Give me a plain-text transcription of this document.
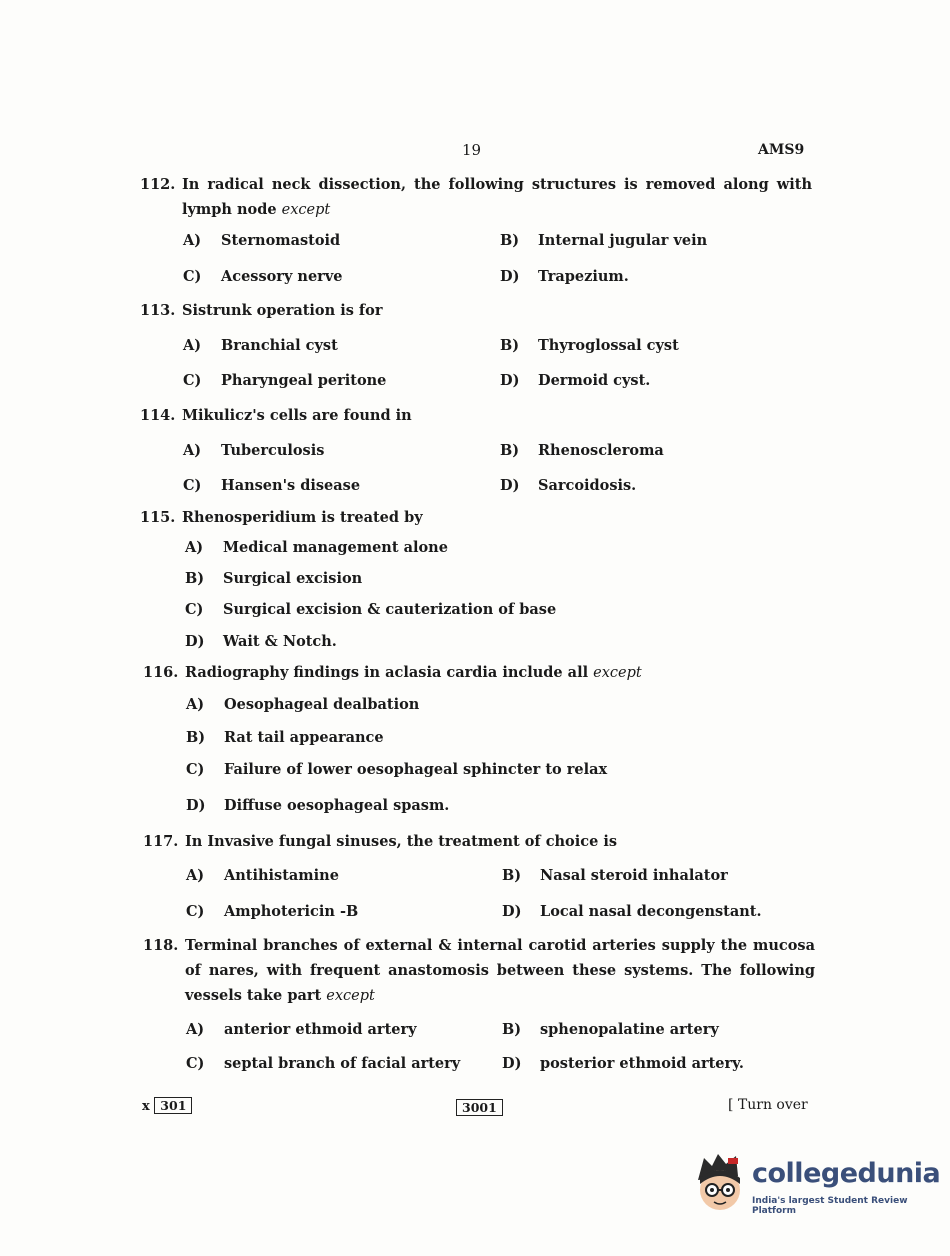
19	AMS9
112. In radical neck dissection, the following structures is removed along with lymph node except
A) Sternomastoid	B) Internal jugular vein
C) Acessory nerve	D) Trapezium.
113. Sistrunk operation is for
A) Branchial cyst	B) Thyroglossal cyst
C) Pharyngeal peritone	D) Dermoid cyst.
114. Mikulicz's cells are found in
A) Tuberculosis	B) Rhenoscleroma
C) Hansen's disease	D) Sarcoidosis.
115. Rhenosperidium is treated by
A) Medical management alone
B) Surgical excision
C) Surgical excision & cauterization of base
D) Wait & Notch.
116. Radiography findings in aclasia cardia include all except
A) Oesophageal dealbation
B) Rat tail appearance
C) Failure of lower oesophageal sphincter to relax
D) Diffuse oesophageal spasm.
117. In Invasive fungal sinuses, the treatment of choice is
A) Antihistamine	B) Nasal steroid inhalator
C) Amphotericin -B	D) Local nasal decongenstant.
118. Terminal branches of external & internal carotid arteries supply the mucosa of nares, with frequent anastomosis between these systems. The following vessels take part except
A) anterior ethmoid artery	B) sphenopalatine artery
C) septal branch of facial artery	D) posterior ethmoid artery.
x 301	3001	[ Turn over
collegedunia
India's largest Student Review Platform
